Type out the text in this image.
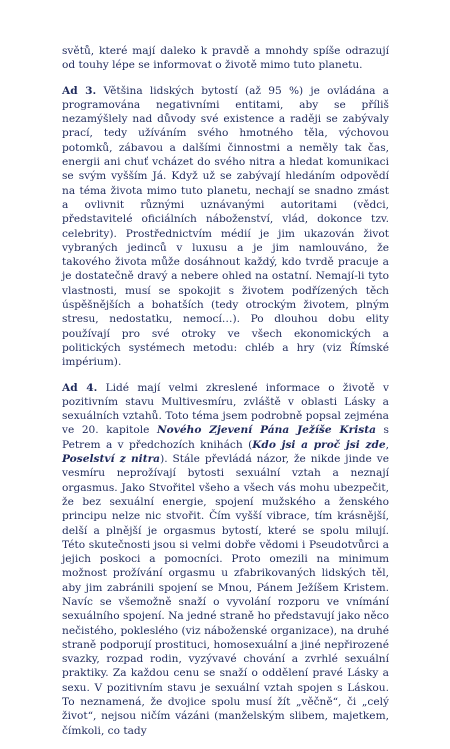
světů, které mají daleko k pravdě a mnohdy spíše odrazují od touhy lépe se informovat o životě mimo tuto planetu.

Ad 3. Většina lidských bytostí (až 95 %) je ovládána a programována negativními entitami, aby se příliš nezamýšlely nad důvody své existence a raději se zabývaly prací, tedy užíváním svého hmotného těla, výchovou potomků, zábavou a dalšími činnostmi a neměly tak čas, energii ani chuť vcházet do svého nitra a hledat komunikaci se svým vyšším Já. Když už se zabývají hledáním odpovědí na téma života mimo tuto planetu, nechají se snadno zmást a ovlivnit různými uznávanými autoritami (vědci, představitelé oficiálních náboženství, vlád, dokonce tzv. celebrity). Prostřednictvím médií je jim ukazován život vybraných jedinců v luxusu a je jim namlouváno, že takového života může dosáhnout každý, kdo tvrdě pracuje a je dostatečně dravý a nebere ohled na ostatní. Nemají-li tyto vlastnosti, musí se spokojit s životem podřízených těch úspěšnějších a bohatších (tedy otrockým životem, plným stresu, nedostatku, nemocí…). Po dlouhou dobu elity používají pro své otroky ve všech ekonomických a politických systémech metodu: chléb a hry (viz Římské impérium).

Ad 4. Lidé mají velmi zkreslené informace o životě v pozitivním stavu Multivesmíru, zvláště v oblasti Lásky a sexuálních vztahů. Toto téma jsem podrobně popsal zejména ve 20. kapitole Nového Zjevení Pána Ježíše Krista s Petrem a v předchozích knihách (Kdo jsi a proč jsi zde, Poselství z nitra). Stále převládá názor, že nikde jinde ve vesmíru neprožívají bytosti sexuální vztah a neznají orgasmus. Jako Stvořitel všeho a všech vás mohu ubezpečit, že bez sexuální energie, spojení mužského a ženského principu nelze nic stvořit. Čím vyšší vibrace, tím krásnější, delší a plnější je orgasmus bytostí, které se spolu milují. Této skutečnosti jsou si velmi dobře vědomi i Pseudotvůrci a jejich poskoci a pomocníci. Proto omezili na minimum možnost prožívání orgasmu u zfabrikovaných lidských těl, aby jim zabránili spojení se Mnou, Pánem Ježíšem Kristem. Navíc se všemožně snaží o vyvolání rozporu ve vnímání sexuálního spojení. Na jedné straně ho představují jako něco nečistého, pokleslého (viz náboženské organizace), na druhé straně podporují prostituci, homosexuální a jiné nepřirozené svazky, rozpad rodin, vyzývavé chování a zvrhlé sexuální praktiky. Za každou cenu se snaží o oddělení pravé Lásky a sexu. V pozitivním stavu je sexuální vztah spojen s Láskou. To neznamená, že dvojice spolu musí žít „věčně“, či „celý život“, nejsou ničím vázáni (manželským slibem, majetkem, čímkoli, co tady
